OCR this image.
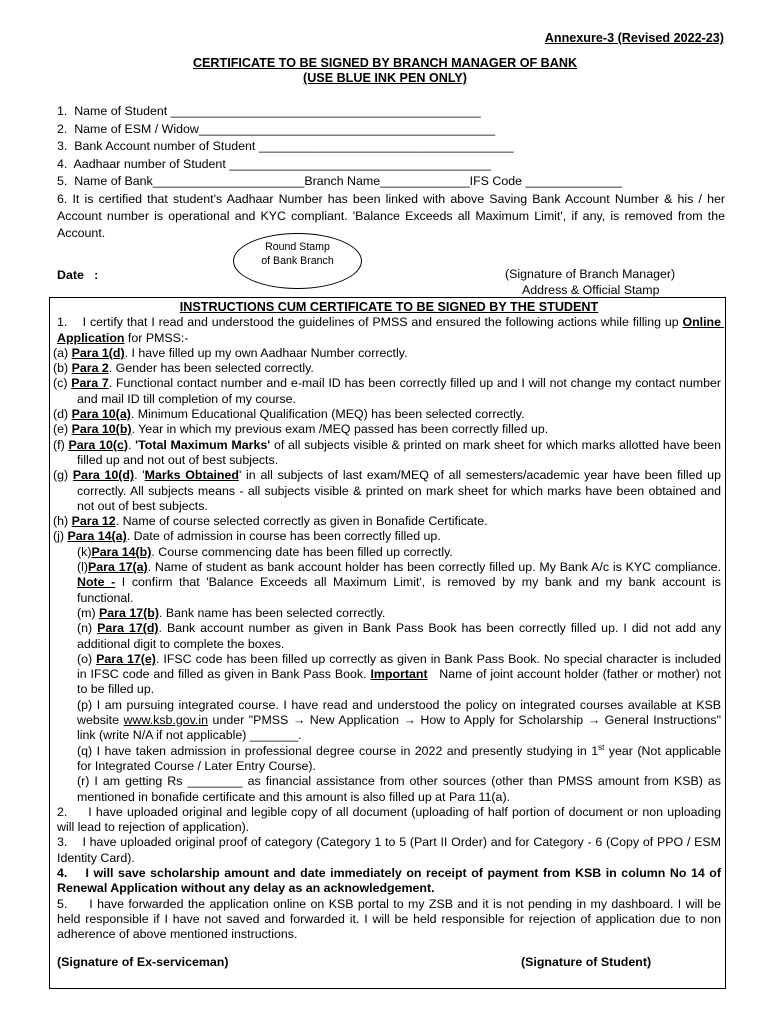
Annexure-3 (Revised 2022-23)
CERTIFICATE TO BE SIGNED BY BRANCH MANAGER OF BANK
(USE BLUE INK PEN ONLY)
1.  Name of Student _____________________________________________
2.  Name of ESM / Widow___________________________________________
3.  Bank Account number of Student _____________________________________
4.  Aadhaar number of Student ______________________________________
5.  Name of Bank______________________Branch Name_____________IFS Code ______________
6. It is certified that student's Aadhaar Number has been linked with above Saving Bank Account Number & his / her Account number is operational and KYC compliant. 'Balance Exceeds all Maximum Limit', if any, is removed from the Account.
Round Stamp
of Bank Branch
Date   :	(Signature of Branch Manager)
Address & Official Stamp
INSTRUCTIONS CUM CERTIFICATE TO BE SIGNED BY THE STUDENT

1.    I certify that I read and understood the guidelines of PMSS and ensured the following actions while filling up Online Application for PMSS:-

(a) Para 1(d). I have filled up my own Aadhaar Number correctly.

(b) Para 2. Gender has been selected correctly.

(c) Para 7. Functional contact number and e-mail ID has been correctly filled up and I will not change my contact number and mail ID till completion of my course.

(d) Para 10(a). Minimum Educational Qualification (MEQ) has been selected correctly.

(e) Para 10(b). Year in which my previous exam /MEQ passed has been correctly filled up.

(f) Para 10(c). 'Total Maximum Marks' of all subjects visible & printed on mark sheet for which marks allotted have been filled up and not out of best subjects.

(g) Para 10(d). 'Marks Obtained' in all subjects of last exam/MEQ of all semesters/academic year have been filled up correctly. All subjects means - all subjects visible & printed on mark sheet for which marks have been obtained and not out of best subjects.

(h) Para 12. Name of course selected correctly as given in Bonafide Certificate.

(j) Para 14(a). Date of admission in course has been correctly filled up.

(k)Para 14(b). Course commencing date has been filled up correctly.

(l)Para 17(a). Name of student as bank account holder has been correctly filled up. My Bank A/c is KYC compliance. Note - I confirm that 'Balance Exceeds all Maximum Limit', is removed by my bank and my bank account is functional.

(m) Para 17(b). Bank name has been selected correctly.

(n) Para 17(d). Bank account number as given in Bank Pass Book has been correctly filled up. I did not add any additional digit to complete the boxes.

(o) Para 17(e). IFSC code has been filled up correctly as given in Bank Pass Book. No special character is included in IFSC code and filled as given in Bank Pass Book. Important   Name of joint account holder (father or mother) not to be filled up.

(p) I am pursuing integrated course. I have read and understood the policy on integrated courses available at KSB website www.ksb.gov.in under "PMSS → New Application → How to Apply for Scholarship → General Instructions" link (write N/A if not applicable) _______.

(q) I have taken admission in professional degree course in 2022 and presently studying in 1st year (Not applicable for Integrated Course / Later Entry Course).

(r) I am getting Rs ________ as financial assistance from other sources (other than PMSS amount from KSB) as mentioned in bonafide certificate and this amount is also filled up at Para 11(a).

2.     I have uploaded original and legible copy of all document (uploading of half portion of document or non uploading will lead to rejection of application).

3.    I have uploaded original proof of category (Category 1 to 5 (Part II Order) and for Category - 6 (Copy of PPO / ESM Identity Card).

4.    I will save scholarship amount and date immediately on receipt of payment from KSB in column No 14 of Renewal Application without any delay as an acknowledgement.

5.     I have forwarded the application online on KSB portal to my ZSB and it is not pending in my dashboard. I will be held responsible if I have not saved and forwarded it. I will be held responsible for rejection of application due to non adherence of above mentioned instructions.

(Signature of Ex-serviceman)	(Signature of Student)
